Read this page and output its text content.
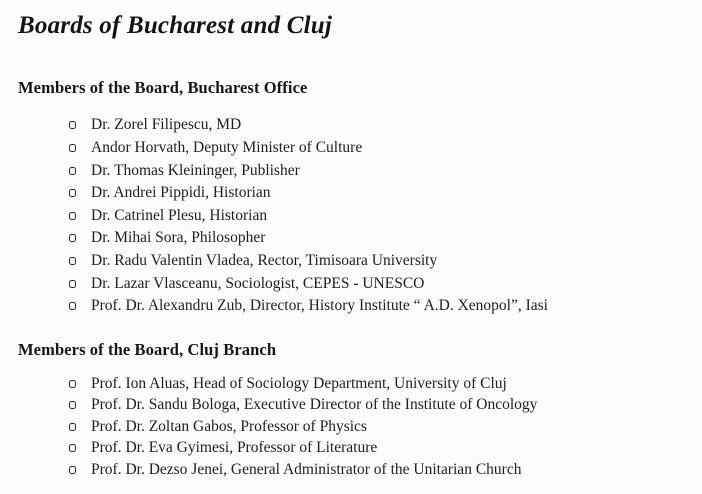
Boards of Bucharest and Cluj
Members of the Board, Bucharest Office
Dr. Zorel Filipescu, MD
Andor Horvath, Deputy Minister of Culture
Dr. Thomas Kleininger, Publisher
Dr. Andrei Pippidi, Historian
Dr. Catrinel Plesu, Historian
Dr. Mihai Sora, Philosopher
Dr. Radu Valentin Vladea, Rector, Timisoara University
Dr. Lazar Vlasceanu, Sociologist, CEPES - UNESCO
Prof. Dr. Alexandru Zub, Director, History Institute “ A.D. Xenopol”, Iasi
Members of the Board, Cluj Branch
Prof. Ion Aluas, Head of Sociology Department, University of Cluj
Prof. Dr. Sandu Bologa, Executive Director of the Institute of Oncology
Prof. Dr. Zoltan Gabos, Professor of Physics
Prof. Dr. Eva Gyimesi, Professor of Literature
Prof. Dr. Dezso Jenei, General Administrator of the Unitarian Church
